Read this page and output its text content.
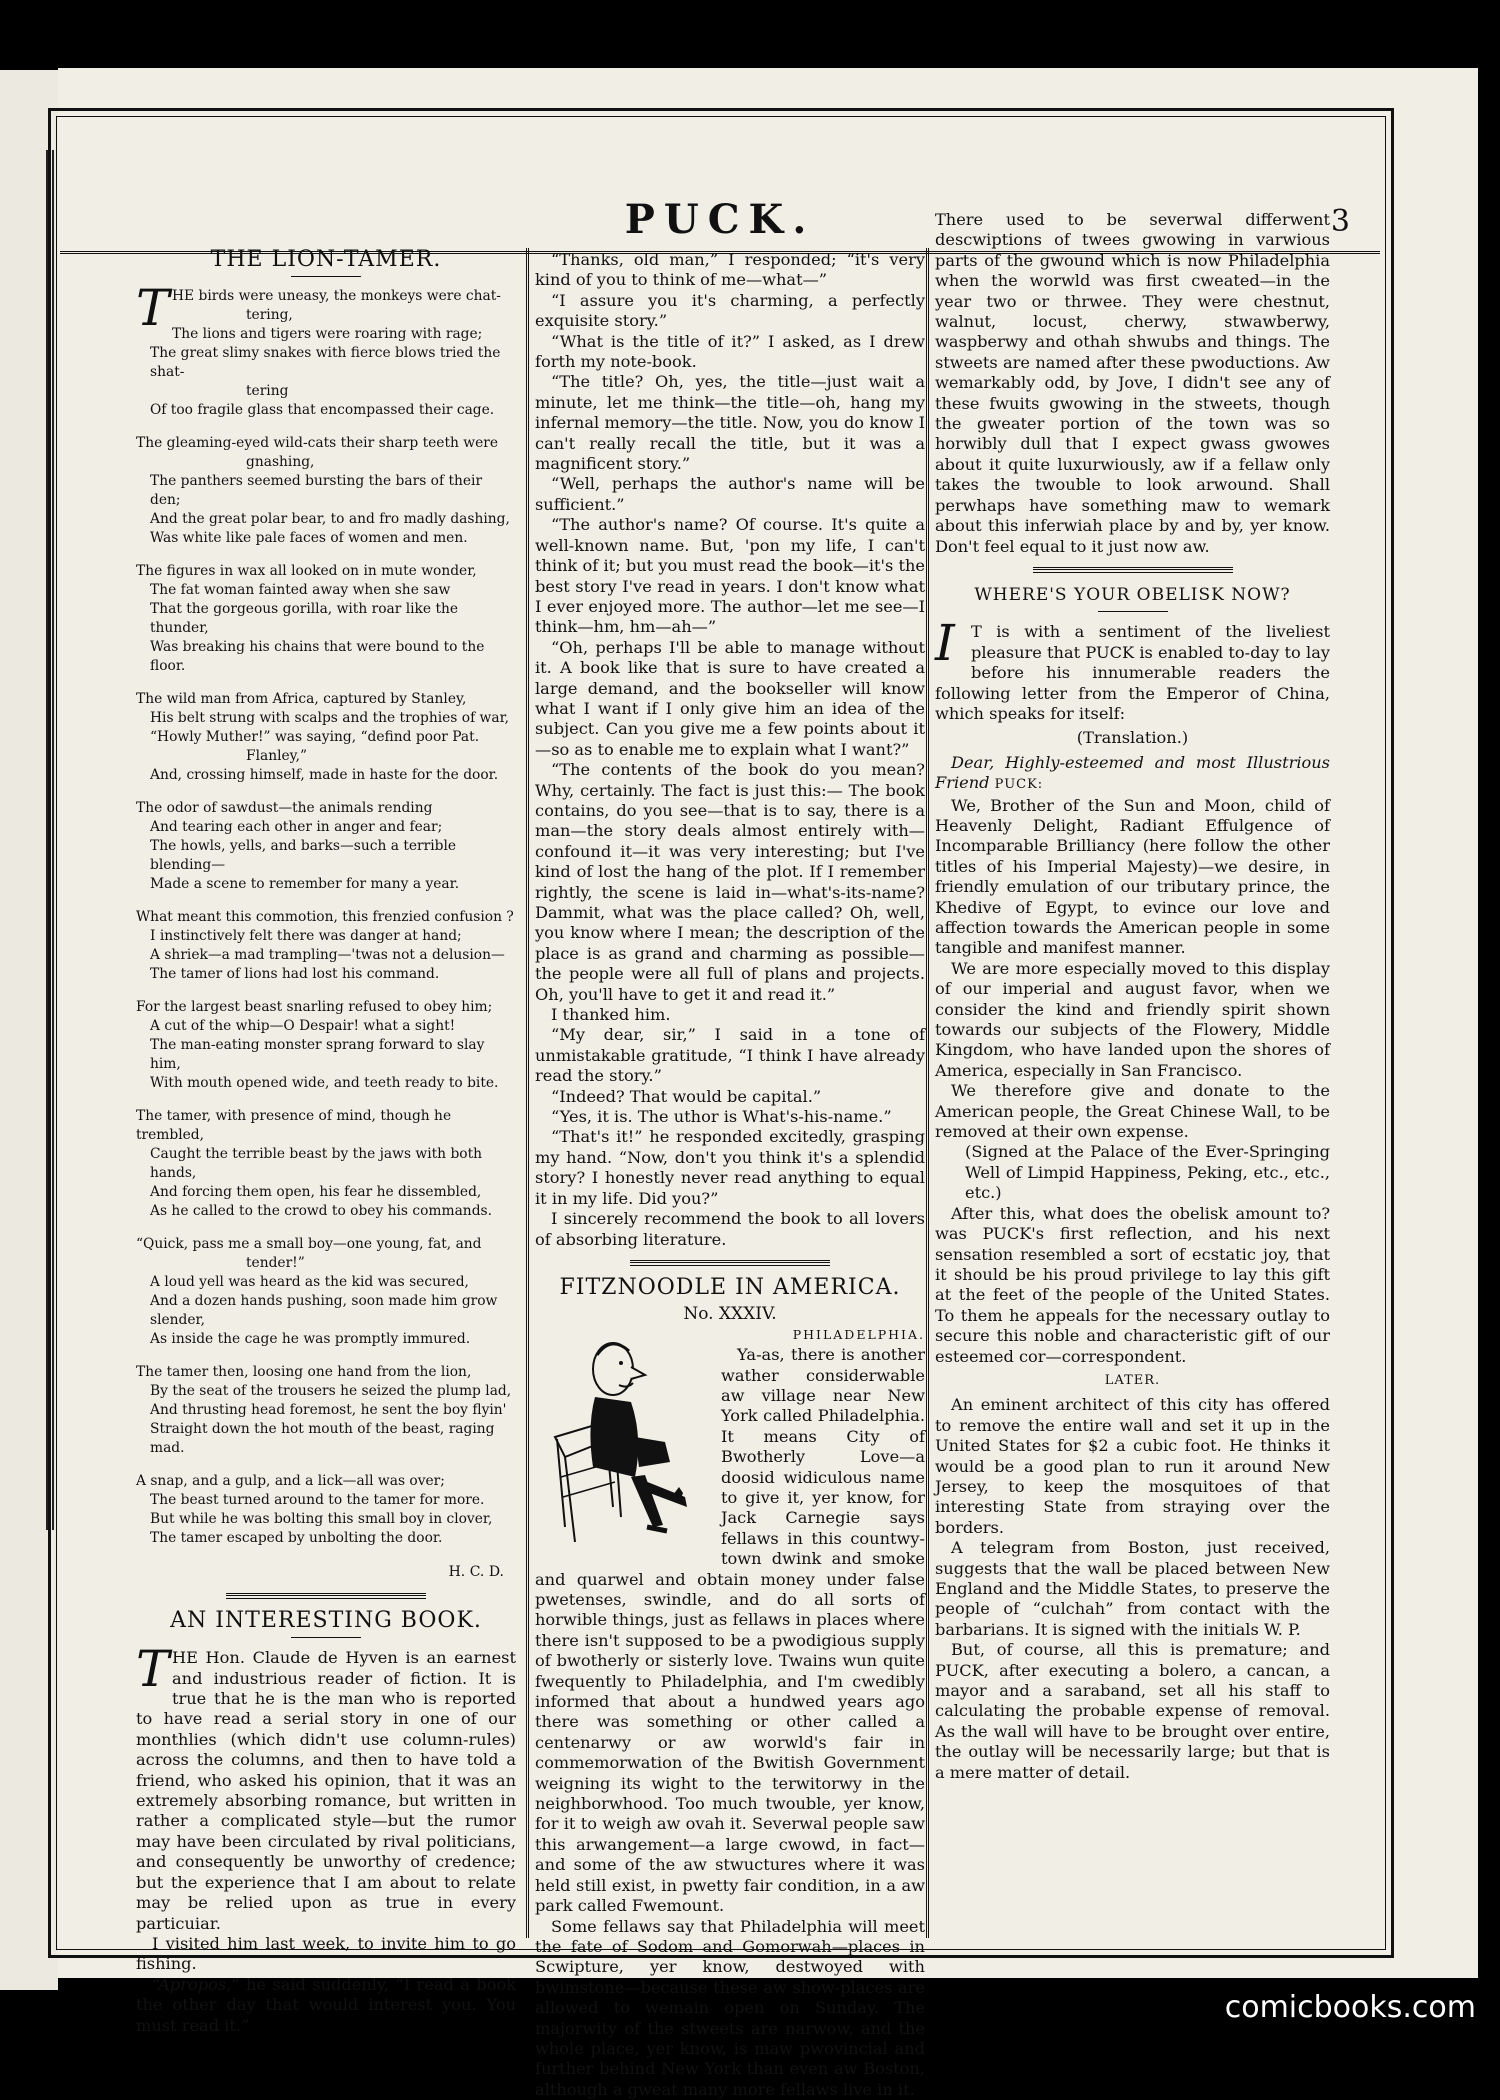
PUCK.	3
THE LION-TAMER.
T HE birds were uneasy, the monkeys were chat-
tering,
The lions and tigers were roaring with rage;
The great slimy snakes with fierce blows tried the shat-
tering
Of too fragile glass that encompassed their cage.
The gleaming-eyed wild-cats their sharp teeth were
gnashing,
The panthers seemed bursting the bars of their den;
And the great polar bear, to and fro madly dashing,
Was white like pale faces of women and men.
The figures in wax all looked on in mute wonder,
The fat woman fainted away when she saw
That the gorgeous gorilla, with roar like the thunder,
Was breaking his chains that were bound to the floor.
The wild man from Africa, captured by Stanley,
His belt strung with scalps and the trophies of war,
“Howly Muther!” was saying, “defind poor Pat.
Flanley,”
And, crossing himself, made in haste for the door.
The odor of sawdust—the animals rending
And tearing each other in anger and fear;
The howls, yells, and barks—such a terrible blending—
Made a scene to remember for many a year.
What meant this commotion, this frenzied confusion ?
I instinctively felt there was danger at hand;
A shriek—a mad trampling—'twas not a delusion—
The tamer of lions had lost his command.
For the largest beast snarling refused to obey him;
A cut of the whip—O Despair! what a sight!
The man-eating monster sprang forward to slay him,
With mouth opened wide, and teeth ready to bite.
The tamer, with presence of mind, though he trembled,
Caught the terrible beast by the jaws with both hands,
And forcing them open, his fear he dissembled,
As he called to the crowd to obey his commands.
“Quick, pass me a small boy—one young, fat, and
tender!”
A loud yell was heard as the kid was secured,
And a dozen hands pushing, soon made him grow slender,
As inside the cage he was promptly immured.
The tamer then, loosing one hand from the lion,
By the seat of the trousers he seized the plump lad,
And thrusting head foremost, he sent the boy flyin'
Straight down the hot mouth of the beast, raging mad.
A snap, and a gulp, and a lick—all was over;
The beast turned around to the tamer for more.
But while he was bolting this small boy in clover,
The tamer escaped by unbolting the door.
H. C. D.
AN INTERESTING BOOK.

THE Hon. Claude de Hyven is an earnest and industrious reader of fiction. It is true that he is the man who is reported to have read a serial story in one of our monthlies (which didn't use column-rules) across the columns, and then to have told a friend, who asked his opinion, that it was an extremely absorbing romance, but written in rather a complicated style—but the rumor may have been circulated by rival politicians, and consequently be unworthy of credence; but the experience that I am about to relate may be relied upon as true in every particuiar.

I visited him last week, to invite him to go fishing.

“Apropos,” he said suddenly, “I read a book the other day that would interest you. You must read it.”

“Thanks, old man,” I responded; “it's very kind of you to think of me—what—”

“I assure you it's charming, a perfectly exquisite story.”

“What is the title of it?” I asked, as I drew forth my note-book.

“The title? Oh, yes, the title—just wait a minute, let me think—the title—oh, hang my infernal memory—the title. Now, you do know I can't really recall the title, but it was a magnificent story.”

“Well, perhaps the author's name will be sufficient.”

“The author's name? Of course. It's quite a well-known name. But, 'pon my life, I can't think of it; but you must read the book—it's the best story I've read in years. I don't know what I ever enjoyed more. The author—let me see—I think—hm, hm—ah—”

“Oh, perhaps I'll be able to manage without it. A book like that is sure to have created a large demand, and the bookseller will know what I want if I only give him an idea of the subject. Can you give me a few points about it—so as to enable me to explain what I want?”

“The contents of the book do you mean? Why, certainly. The fact is just this:— The book contains, do you see—that is to say, there is a man—the story deals almost entirely with—confound it—it was very interesting; but I've kind of lost the hang of the plot. If I remember rightly, the scene is laid in—what's-its-name? Dammit, what was the place called? Oh, well, you know where I mean; the description of the place is as grand and charming as possible—the people were all full of plans and projects. Oh, you'll have to get it and read it.”

I thanked him.

“My dear, sir,” I said in a tone of unmistakable gratitude, “I think I have already read the story.”

“Indeed? That would be capital.”

“Yes, it is. The uthor is What's-his-name.”

“That's it!” he responded excitedly, grasping my hand. “Now, don't you think it's a splendid story? I honestly never read anything to equal it in my life. Did you?”

I sincerely recommend the book to all lovers of absorbing literature.

FITZNOODLE IN AMERICA.
No. XXXIV.
PHILADELPHIA.

Ya-as, there is another wather considerwable aw village near New York called Philadelphia. It means City of Bwotherly Love—a doosid widiculous name to give it, yer know, for Jack Carnegie says fellaws in this countwy-town dwink and smoke and quarwel and obtain money under false pwetenses, swindle, and do all sorts of horwible things, just as fellaws in places where there isn't supposed to be a pwodigious supply of bwotherly or sisterly love. Twains wun quite fwequently to Philadelphia, and I'm cwedibly informed that about a hundwed years ago there was something or other called a centenarwy or aw worwld's fair in commemorwation of the Bwitish Government weigning its wight to the terwitorwy in the neighborwhood. Too much twouble, yer know, for it to weigh aw ovah it. Severwal people saw this arwangement—a large cwowd, in fact—and some of the aw stwuctures where it was held still exist, in pwetty fair condition, in a aw park called Fwemount.

Some fellaws say that Philadelphia will meet the fate of Sodom and Gomorwah—places in Scwipture, yer know, destwoyed with bwimstone—because these aw show-places are allowed to wemain open on Sunday. The majorwity of the stweets are narwow, and the whole place, yer know, is maw pwovincial and further behind New York than even aw Boston, although a gweat many more fellaws live in it.

There used to be severwal differwent descwiptions of twees gwowing in varwious parts of the gwound which is now Philadelphia when the worwld was first cweated—in the year two or thrwee. They were chestnut, walnut, locust, cherwy, stwawberwy, waspberwy and othah shwubs and things. The stweets are named after these pwoductions. Aw wemarkably odd, by Jove, I didn't see any of these fwuits gwowing in the stweets, though the gweater portion of the town was so horwibly dull that I expect gwass gwowes about it quite luxurwiously, aw if a fellaw only takes the twouble to look arwound. Shall perwhaps have something maw to wemark about this inferwiah place by and by, yer know. Don't feel equal to it just now aw.

WHERE'S YOUR OBELISK NOW?

I	T is with a sentiment of the liveliest pleasure that PUCK is enabled to-day to lay before his innumerable readers the following letter from the Emperor of China, which speaks for itself:

(Translation.)

Dear, Highly-esteemed and most Illustrious Friend PUCK:

We, Brother of the Sun and Moon, child of Heavenly Delight, Radiant Effulgence of Incomparable Brilliancy (here follow the other titles of his Imperial Majesty)—we desire, in friendly emulation of our tributary prince, the Khedive of Egypt, to evince our love and affection towards the American people in some tangible and manifest manner.

We are more especially moved to this display of our imperial and august favor, when we consider the kind and friendly spirit shown towards our subjects of the Flowery, Middle Kingdom, who have landed upon the shores of America, especially in San Francisco.

We therefore give and donate to the American people, the Great Chinese Wall, to be removed at their own expense.

(Signed at the Palace of the Ever-Springing Well of Limpid Happiness, Peking, etc., etc., etc.)

After this, what does the obelisk amount to? was PUCK's first reflection, and his next sensation resembled a sort of ecstatic joy, that it should be his proud privilege to lay this gift at the feet of the people of the United States. To them he appeals for the necessary outlay to secure this noble and characteristic gift of our esteemed cor—correspondent.

LATER.

An eminent architect of this city has offered to remove the entire wall and set it up in the United States for $2 a cubic foot. He thinks it would be a good plan to run it around New Jersey, to keep the mosquitoes of that interesting State from straying over the borders.

A telegram from Boston, just received, suggests that the wall be placed between New England and the Middle States, to preserve the people of “culchah” from contact with the barbarians. It is signed with the initials W. P.

But, of course, all this is premature; and PUCK, after executing a bolero, a cancan, a mayor and a saraband, set all his staff to calculating the probable expense of removal. As the wall will have to be brought over entire, the outlay will be necessarily large; but that is a mere matter of detail.

comicbooks.com
